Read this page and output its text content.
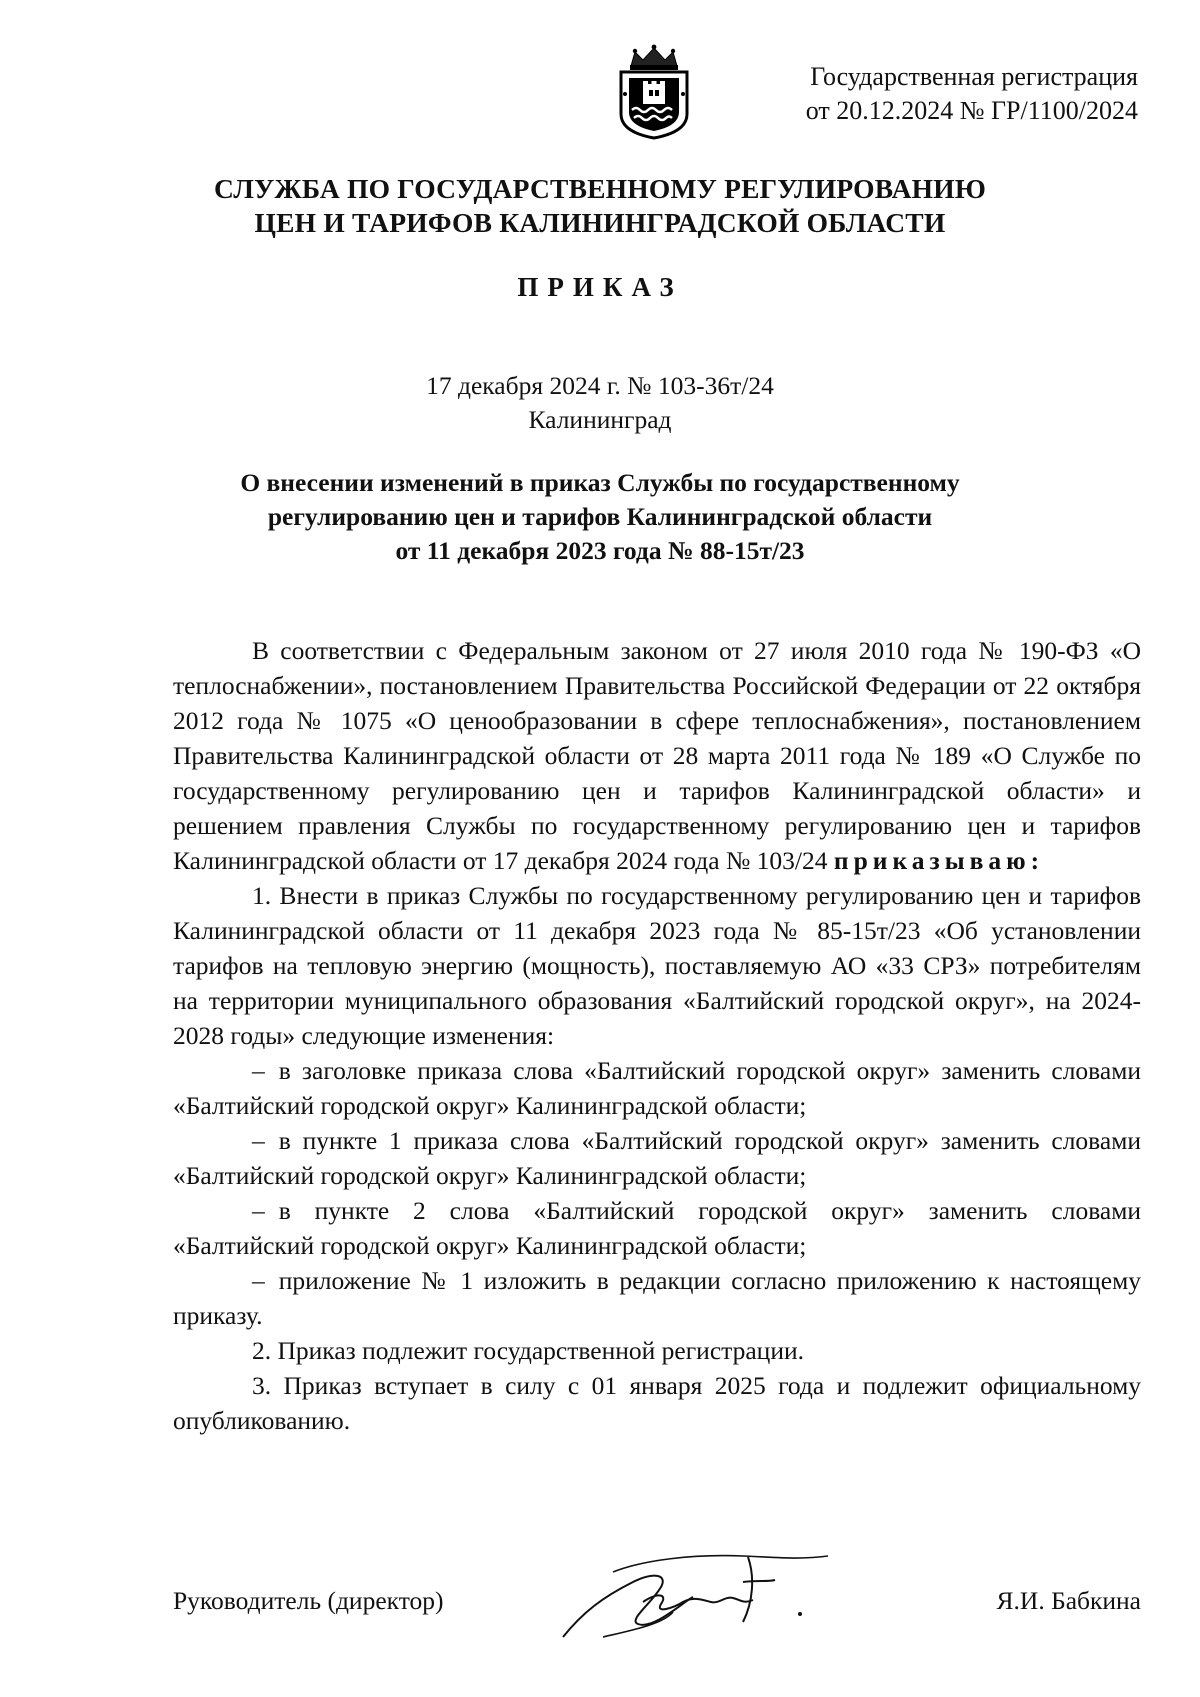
Государственная регистрация
от 20.12.2024 № ГР/1100/2024
СЛУЖБА ПО ГОСУДАРСТВЕННОМУ РЕГУЛИРОВАНИЮ
ЦЕН И ТАРИФОВ КАЛИНИНГРАДСКОЙ ОБЛАСТИ
ПРИКАЗ
17 декабря 2024 г. № 103-36т/24
Калининград
О внесении изменений в приказ Службы по государственному
регулированию цен и тарифов Калининградской области
от 11 декабря 2023 года № 88-15т/23

В соответствии с Федеральным законом от 27 июля 2010 года № 190-ФЗ «О теплоснабжении», постановлением Правительства Российской Федерации от 22 октября 2012 года № 1075 «О ценообразовании в сфере теплоснабжения», постановлением Правительства Калининградской области от 28 марта 2011 года № 189 «О Службе по государственному регулированию цен и тарифов Калининградской области» и решением правления Службы по государственному регулированию цен и тарифов Калининградской области от 17 декабря 2024 года № 103/24 приказываю:

1. Внести в приказ Службы по государственному регулированию цен и тарифов Калининградской области от 11 декабря 2023 года № 85-15т/23 «Об установлении тарифов на тепловую энергию (мощность), поставляемую АО «33 СРЗ» потребителям на территории муниципального образования «Балтийский городской округ», на 2024-2028 годы» следующие изменения:

– в заголовке приказа слова «Балтийский городской округ» заменить словами «Балтийский городской округ» Калининградской области;

– в пункте 1 приказа слова «Балтийский городской округ» заменить словами «Балтийский городской округ» Калининградской области;

– в пункте 2 слова «Балтийский городской округ» заменить словами «Балтийский городской округ» Калининградской области;

– приложение № 1 изложить в редакции согласно приложению к настоящему приказу.

2. Приказ подлежит государственной регистрации.

3. Приказ вступает в силу с 01 января 2025 года и подлежит официальному опубликованию.

Руководитель (директор)	Я.И. Бабкина
